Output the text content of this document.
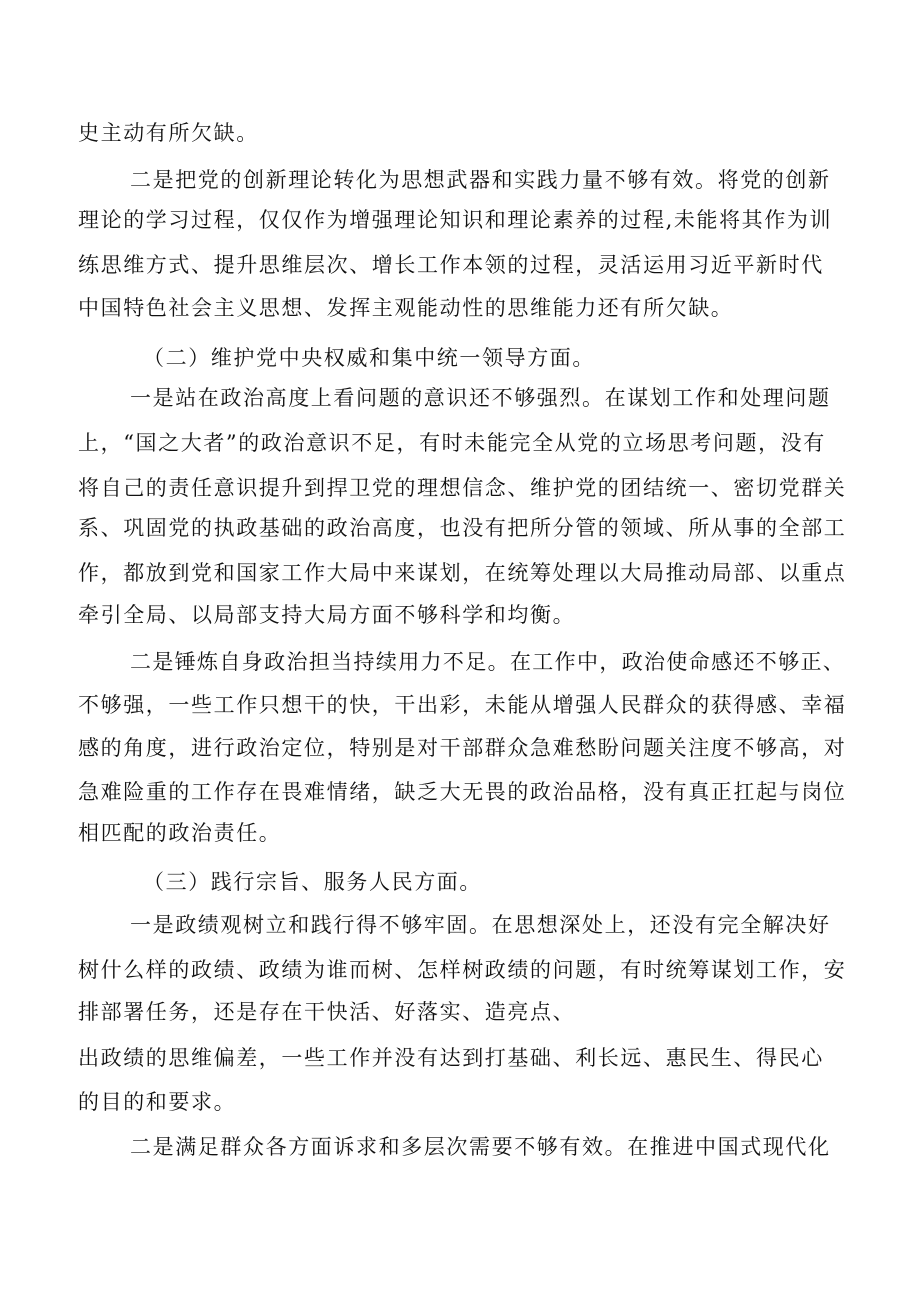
史主动有所欠缺。
二是把党的创新理论转化为思想武器和实践力量不够有效。将党的创新
理论的学习过程，仅仅作为增强理论知识和理论素养的过程,未能将其作为训
练思维方式、提升思维层次、增长工作本领的过程，灵活运用习近平新时代
中国特色社会主义思想、发挥主观能动性的思维能力还有所欠缺。
（二）维护党中央权威和集中统一领导方面。
一是站在政治高度上看问题的意识还不够强烈。在谋划工作和处理问题
上，“国之大者”的政治意识不足，有时未能完全从党的立场思考问题，没有
将自己的责任意识提升到捍卫党的理想信念、维护党的团结统一、密切党群关
系、巩固党的执政基础的政治高度，也没有把所分管的领域、所从事的全部工
作，都放到党和国家工作大局中来谋划，在统筹处理以大局推动局部、以重点
牵引全局、以局部支持大局方面不够科学和均衡。
二是锤炼自身政治担当持续用力不足。在工作中，政治使命感还不够正、
不够强，一些工作只想干的快，干出彩，未能从增强人民群众的获得感、幸福
感的角度，进行政治定位，特别是对干部群众急难愁盼问题关注度不够高，对
急难险重的工作存在畏难情绪，缺乏大无畏的政治品格，没有真正扛起与岗位
相匹配的政治责任。
（三）践行宗旨、服务人民方面。
一是政绩观树立和践行得不够牢固。在思想深处上，还没有完全解决好
树什么样的政绩、政绩为谁而树、怎样树政绩的问题，有时统筹谋划工作，安
排部署任务，还是存在干快活、好落实、造亮点、
出政绩的思维偏差，一些工作并没有达到打基础、利长远、惠民生、得民心
的目的和要求。
二是满足群众各方面诉求和多层次需要不够有效。在推进中国式现代化
